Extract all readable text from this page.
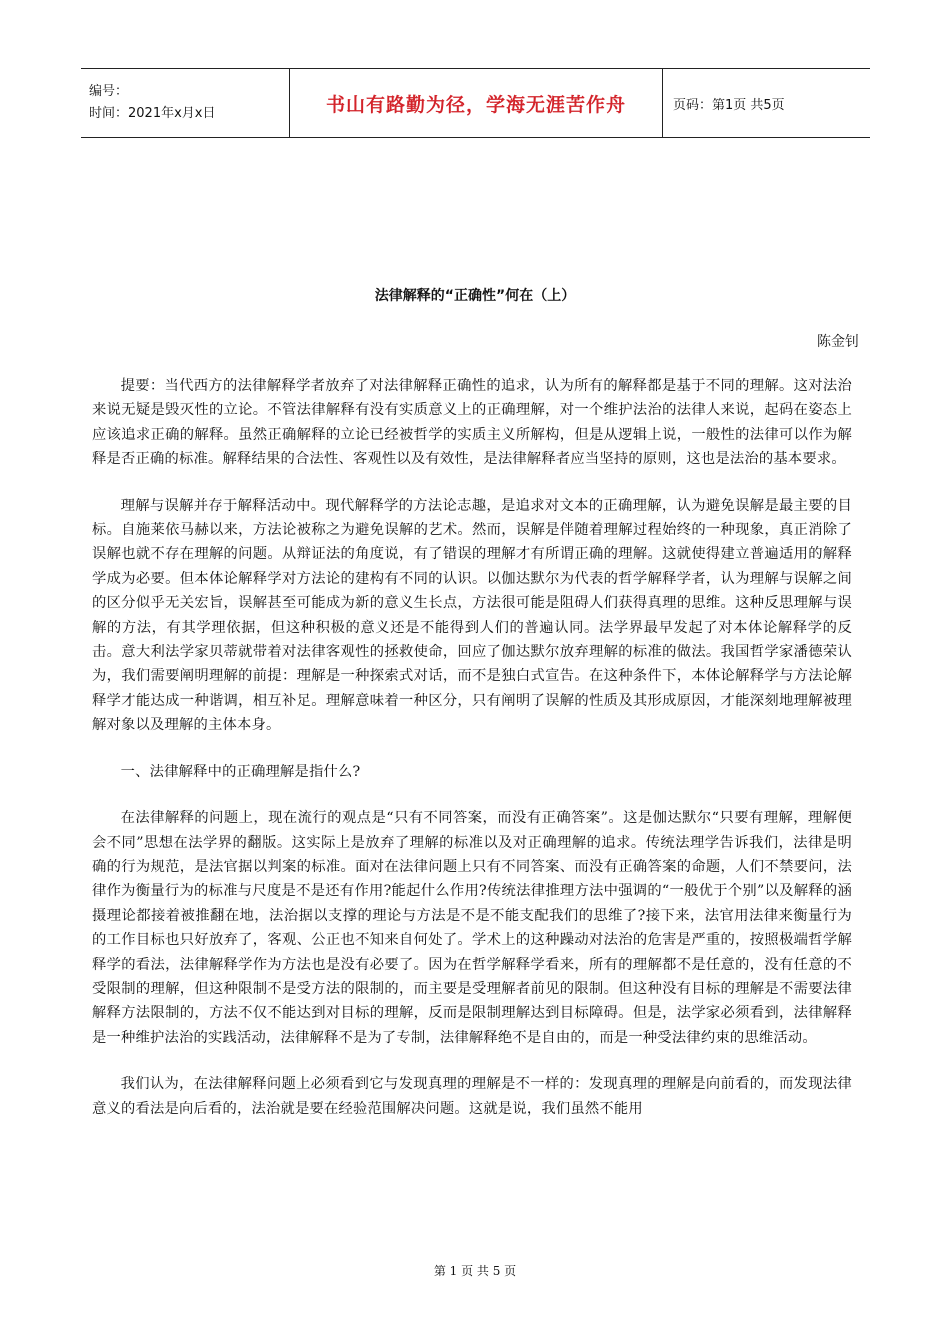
编号：
时间：2021年x月x日	书山有路勤为径，学海无涯苦作舟	页码：第1页 共5页
法律解释的“正确性”何在（上）
陈金钊

提要：当代西方的法律解释学者放弃了对法律解释正确性的追求，认为所有的解释都是基于不同的理解。这对法治来说无疑是毁灭性的立论。不管法律解释有没有实质意义上的正确理解，对一个维护法治的法律人来说，起码在姿态上应该追求正确的解释。虽然正确解释的立论已经被哲学的实质主义所解构，但是从逻辑上说，一般性的法律可以作为解释是否正确的标准。解释结果的合法性、客观性以及有效性，是法律解释者应当坚持的原则，这也是法治的基本要求。

理解与误解并存于解释活动中。现代解释学的方法论志趣，是追求对文本的正确理解，认为避免误解是最主要的目标。自施莱依马赫以来，方法论被称之为避免误解的艺术。然而，误解是伴随着理解过程始终的一种现象，真正消除了误解也就不存在理解的问题。从辩证法的角度说，有了错误的理解才有所谓正确的理解。这就使得建立普遍适用的解释学成为必要。但本体论解释学对方法论的建构有不同的认识。以伽达默尔为代表的哲学解释学者，认为理解与误解之间的区分似乎无关宏旨，误解甚至可能成为新的意义生长点，方法很可能是阻碍人们获得真理的思维。这种反思理解与误解的方法，有其学理依据，但这种积极的意义还是不能得到人们的普遍认同。法学界最早发起了对本体论解释学的反击。意大利法学家贝蒂就带着对法律客观性的拯救使命，回应了伽达默尔放弃理解的标准的做法。我国哲学家潘德荣认为，我们需要阐明理解的前提：理解是一种探索式对话，而不是独白式宣告。在这种条件下，本体论解释学与方法论解释学才能达成一种谐调，相互补足。理解意味着一种区分，只有阐明了误解的性质及其形成原因，才能深刻地理解被理解对象以及理解的主体本身。

一、法律解释中的正确理解是指什么?

在法律解释的问题上，现在流行的观点是“只有不同答案，而没有正确答案”。这是伽达默尔“只要有理解，理解便会不同”思想在法学界的翻版。这实际上是放弃了理解的标准以及对正确理解的追求。传统法理学告诉我们，法律是明确的行为规范，是法官据以判案的标准。面对在法律问题上只有不同答案、而没有正确答案的命题，人们不禁要问，法律作为衡量行为的标准与尺度是不是还有作用?能起什么作用?传统法律推理方法中强调的“一般优于个别”以及解释的涵摄理论都接着被推翻在地，法治据以支撑的理论与方法是不是不能支配我们的思维了?接下来，法官用法律来衡量行为的工作目标也只好放弃了，客观、公正也不知来自何处了。学术上的这种躁动对法治的危害是严重的，按照极端哲学解释学的看法，法律解释学作为方法也是没有必要了。因为在哲学解释学看来，所有的理解都不是任意的，没有任意的不受限制的理解，但这种限制不是受方法的限制的，而主要是受理解者前见的限制。但这种没有目标的理解是不需要法律解释方法限制的，方法不仅不能达到对目标的理解，反而是限制理解达到目标障碍。但是，法学家必须看到，法律解释是一种维护法治的实践活动，法律解释不是为了专制，法律解释绝不是自由的，而是一种受法律约束的思维活动。

我们认为，在法律解释问题上必须看到它与发现真理的理解是不一样的：发现真理的理解是向前看的，而发现法律意义的看法是向后看的，法治就是要在经验范围解决问题。这就是说，我们虽然不能用

第 1 页 共 5 页
